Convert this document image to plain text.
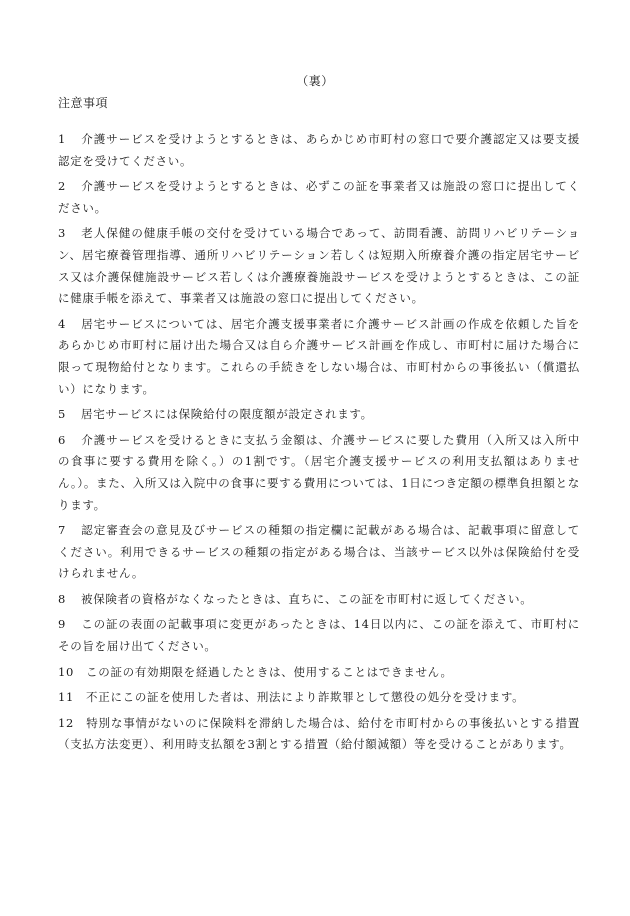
（裏）
注意事項
1 介護サービスを受けようとするときは、あらかじめ市町村の窓口で要介護認定又は要支援認定を受けてください。
2 介護サービスを受けようとするときは、必ずこの証を事業者又は施設の窓口に提出してください。
3 老人保健の健康手帳の交付を受けている場合であって、訪問看護、訪問リハビリテーション、居宅療養管理指導、通所リハビリテーション若しくは短期入所療養介護の指定居宅サービス又は介護保健施設サービス若しくは介護療養施設サービスを受けようとするときは、この証に健康手帳を添えて、事業者又は施設の窓口に提出してください。
4 居宅サービスについては、居宅介護支援事業者に介護サービス計画の作成を依頼した旨をあらかじめ市町村に届け出た場合又は自ら介護サービス計画を作成し、市町村に届けた場合に限って現物給付となります。これらの手続きをしない場合は、市町村からの事後払い（償還払い）になります。
5 居宅サービスには保険給付の限度額が設定されます。
6 介護サービスを受けるときに支払う金額は、介護サービスに要した費用（入所又は入所中の食事に要する費用を除く。）の1割です。（居宅介護支援サービスの利用支払額はありません。）。また、入所又は入院中の食事に要する費用については、1日につき定額の標準負担額となります。
7 認定審査会の意見及びサービスの種類の指定欄に記載がある場合は、記載事項に留意してください。利用できるサービスの種類の指定がある場合は、当該サービス以外は保険給付を受けられません。
8 被保険者の資格がなくなったときは、直ちに、この証を市町村に返してください。
9 この証の表面の記載事項に変更があったときは、14日以内に、この証を添えて、市町村にその旨を届け出てください。
10 この証の有効期限を経過したときは、使用することはできません。
11 不正にこの証を使用した者は、刑法により詐欺罪として懲役の処分を受けます。
12 特別な事情がないのに保険料を滞納した場合は、給付を市町村からの事後払いとする措置（支払方法変更）、利用時支払額を3割とする措置（給付額減額）等を受けることがあります。
